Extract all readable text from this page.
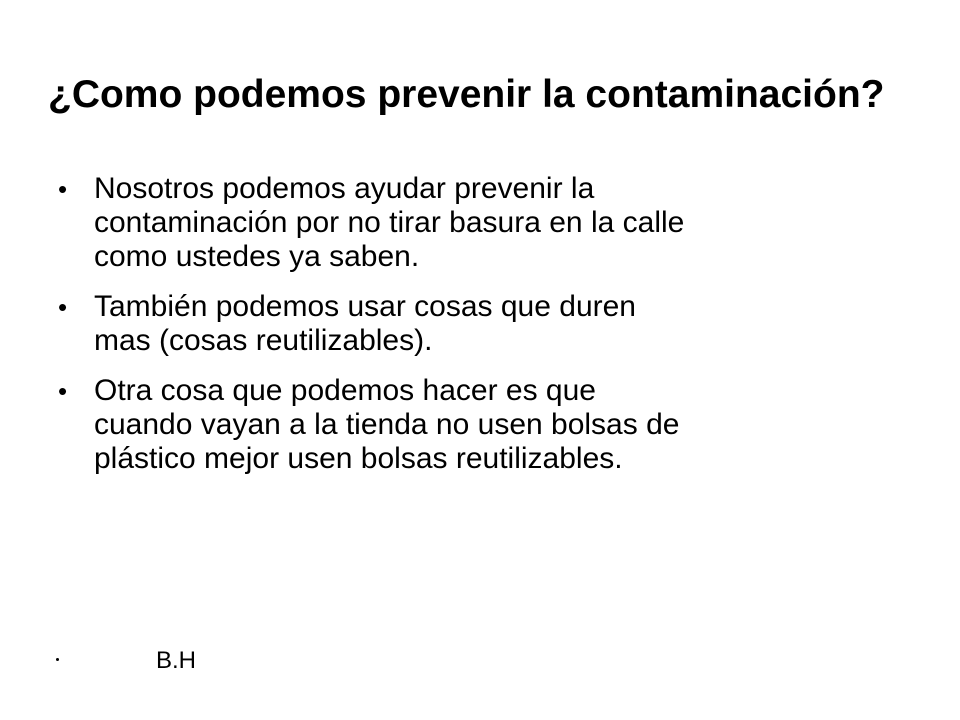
¿Como podemos prevenir la contaminación?
• Nosotros podemos ayudar prevenir la contaminación por no tirar basura en la calle como ustedes ya saben.
• También podemos usar cosas que duren mas (cosas reutilizables).
• Otra cosa que podemos hacer es que cuando vayan a la tienda no usen bolsas de plástico mejor usen bolsas reutilizables.
B.H
